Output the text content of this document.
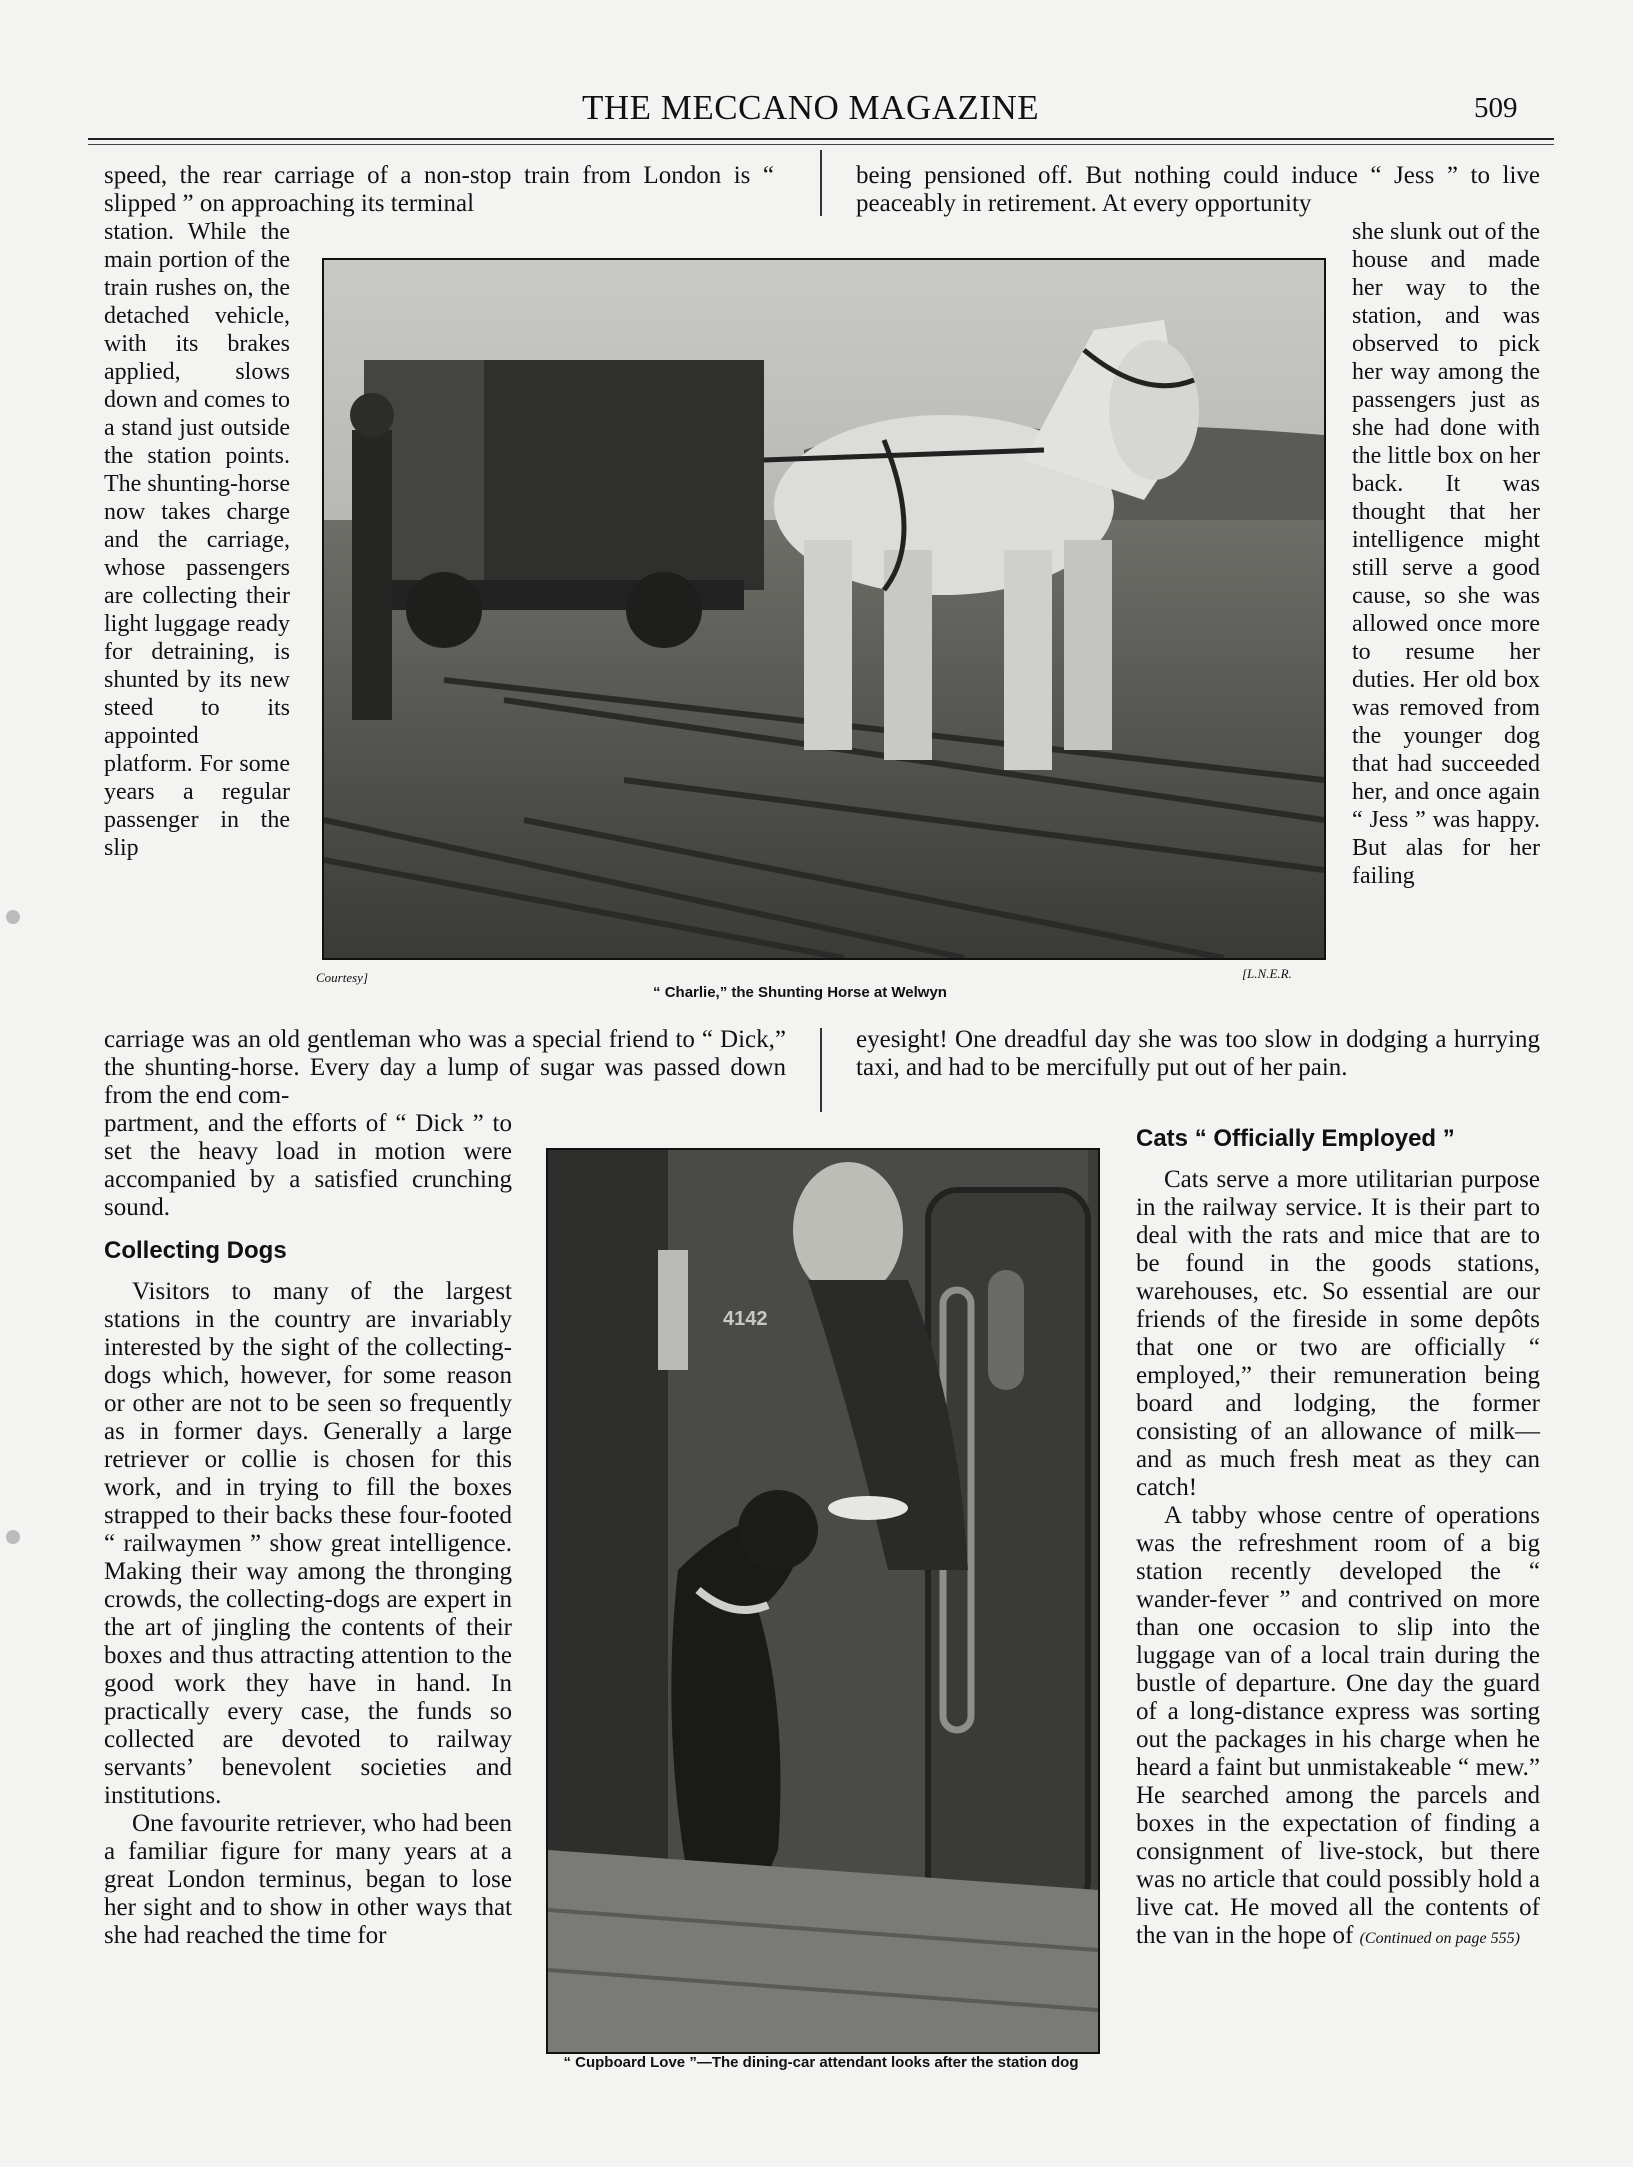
THE MECCANO MAGAZINE	509

speed, the rear carriage of a non-stop train from London is “ slipped ” on approaching its terminal

being pensioned off. But nothing could induce “ Jess ” to live peaceably in retirement. At every opportunity

station. While the main portion of the train rushes on, the detached vehicle, with its brakes applied, slows down and comes to a stand just outside the station points. The shunting-horse now takes charge and the carriage, whose passengers are collecting their light luggage ready for detraining, is shunted by its new steed to its appointed platform. For some years a regular passenger in the slip

she slunk out of the house and made her way to the station, and was observed to pick her way among the passengers just as she had done with the little box on her back. It was thought that her intelligence might still serve a good cause, so she was allowed once more to resume her duties. Her old box was removed from the younger dog that had succeeded her, and once again “ Jess ” was happy. But alas for her failing

Courtesy]	[L.N.E.R.
“ Charlie,” the Shunting Horse at Welwyn

carriage was an old gentleman who was a special friend to “ Dick,” the shunting-horse. Every day a lump of sugar was passed down from the end com-

eyesight! One dreadful day she was too slow in dodging a hurrying taxi, and had to be mercifully put out of her pain.

partment, and the efforts of “ Dick ” to set the heavy load in motion were accompanied by a satisfied crunching sound.

Collecting Dogs

Visitors to many of the largest stations in the country are invariably interested by the sight of the collecting-dogs which, however, for some reason or other are not to be seen so frequently as in former days. Generally a large retriever or collie is chosen for this work, and in trying to fill the boxes strapped to their backs these four-footed “ railwaymen ” show great intelligence. Making their way among the thronging crowds, the collecting-dogs are expert in the art of jingling the contents of their boxes and thus attracting attention to the good work they have in hand. In practically every case, the funds so collected are devoted to railway servants’ benevolent societies and institutions.

One favourite retriever, who had been a familiar figure for many years at a great London terminus, began to lose her sight and to show in other ways that she had reached the time for

4142
“ Cupboard Love ”—The dining-car attendant looks after the station dog
Cats “ Officially Employed ”

Cats serve a more utilitarian purpose in the railway service. It is their part to deal with the rats and mice that are to be found in the goods stations, warehouses, etc. So essential are our friends of the fireside in some depôts that one or two are officially “ employed,” their remuneration being board and lodging, the former consisting of an allowance of milk—and as much fresh meat as they can catch!

A tabby whose centre of operations was the refreshment room of a big station recently developed the “ wander-fever ” and contrived on more than one occasion to slip into the luggage van of a local train during the bustle of departure. One day the guard of a long-distance express was sorting out the packages in his charge when he heard a faint but unmistakeable “ mew.” He searched among the parcels and boxes in the expectation of finding a consignment of live-stock, but there was no article that could possibly hold a live cat. He moved all the contents of the van in the hope of (Continued on page 555)
